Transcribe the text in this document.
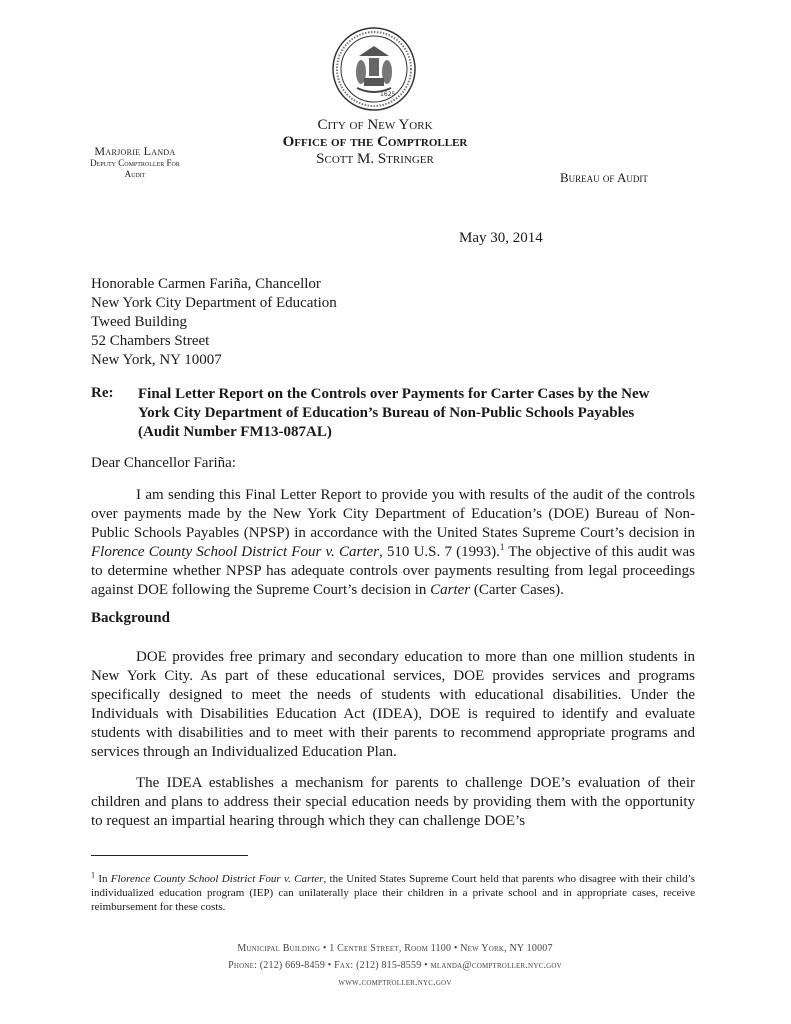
1625
City of New York
Office of the Comptroller
Scott M. Stringer
Marjorie Landa
Deputy Comptroller For
Audit	Bureau of Audit
May 30, 2014
Honorable Carmen Fariña, Chancellor
New York City Department of Education
Tweed Building
52 Chambers Street
New York, NY 10007
Re: Final Letter Report on the Controls over Payments for Carter Cases by the New York City Department of Education’s Bureau of Non-Public Schools Payables (Audit Number FM13-087AL)
Dear Chancellor Fariña:
I am sending this Final Letter Report to provide you with results of the audit of the controls over payments made by the New York City Department of Education’s (DOE) Bureau of Non-Public Schools Payables (NPSP) in accordance with the United States Supreme Court’s decision in Florence County School District Four v. Carter, 510 U.S. 7 (1993).$^1$ The objective of this audit was to determine whether NPSP has adequate controls over payments resulting from legal proceedings against DOE following the Supreme Court’s decision in Carter (Carter Cases).
Background
DOE provides free primary and secondary education to more than one million students in New York City. As part of these educational services, DOE provides services and programs specifically designed to meet the needs of students with educational disabilities. Under the Individuals with Disabilities Education Act (IDEA), DOE is required to identify and evaluate students with disabilities and to meet with their parents to recommend appropriate programs and services through an Individualized Education Plan.
The IDEA establishes a mechanism for parents to challenge DOE’s evaluation of their children and plans to address their special education needs by providing them with the opportunity to request an impartial hearing through which they can challenge DOE’s
$^1$ In Florence County School District Four v. Carter, the United States Supreme Court held that parents who disagree with their child’s individualized education program (IEP) can unilaterally place their children in a private school and in appropriate cases, receive reimbursement for these costs.
Municipal Building • 1 Centre Street, Room 1100 • New York, NY 10007
Phone: (212) 669-8459 • Fax: (212) 815-8559 • mlanda@comptroller.nyc.gov
www.comptroller.nyc.gov
